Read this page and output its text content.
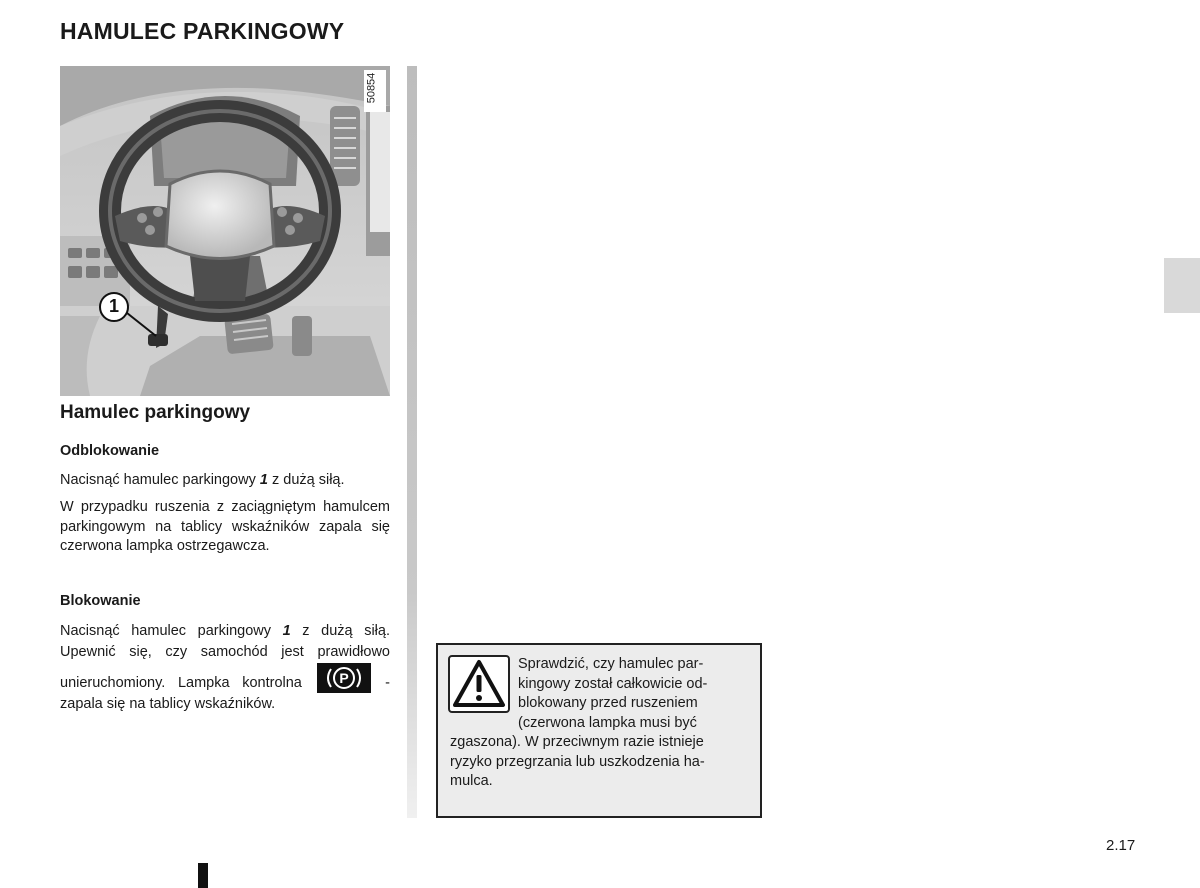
HAMULEC PARKINGOWY
1
50854
Hamulec parkingowy
Odblokowanie
Nacisnąć hamulec parkingowy 1 z dużą siłą.
W przypadku ruszenia z zaciągniętym hamulcem parkingowym na tablicy wskaźników zapala się czerwona lampka ostrzegawcza.
Blokowanie
Nacisnąć hamulec parkingowy 1 z dużą siłą. Upewnić się, czy samochód jest prawidłowo unieruchomiony. Lampka kontrolna	P - zapala się na tablicy wskaźników.
Sprawdzić, czy hamulec par-
kingowy został całkowicie od-
blokowany przed ruszeniem
(czerwona lampka musi być
zgaszona). W przeciwnym razie istnieje
ryzyko przegrzania lub uszkodzenia ha-
mulca.
2.17
